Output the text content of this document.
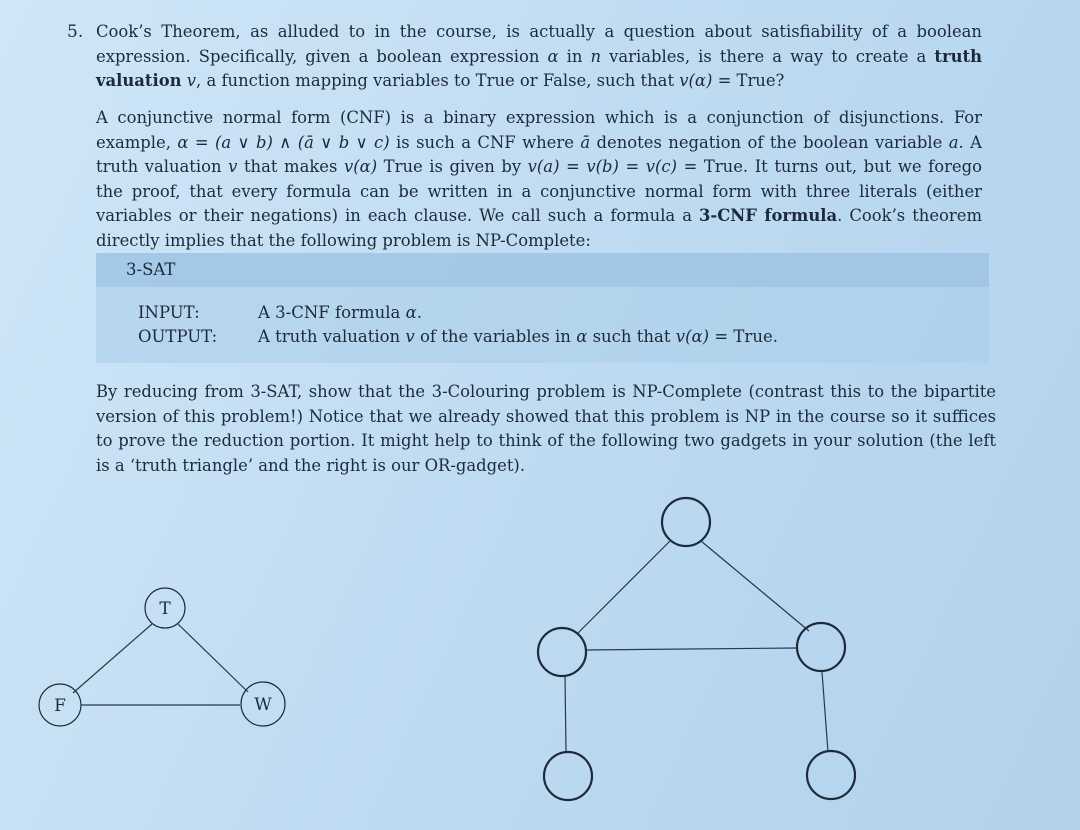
5. Cook’s Theorem, as alluded to in the course, is actually a question about satisfiability of a boolean expression. Specifically, given a boolean expression α in n variables, is there a way to create a truth valuation v, a function mapping variables to True or False, such that v(α) = True?
A conjunctive normal form (CNF) is a binary expression which is a conjunction of disjunctions. For example, α = (a ∨ b) ∧ (ā ∨ b ∨ c) is such a CNF where ā denotes negation of the boolean variable a. A truth valuation v that makes v(α) True is given by v(a) = v(b) = v(c) = True. It turns out, but we forego the proof, that every formula can be written in a conjunctive normal form with three literals (either variables or their negations) in each clause. We call such a formula a 3-CNF formula. Cook’s theorem directly implies that the following problem is NP-Complete:
3-SAT
INPUT:	A 3-CNF formula α.
OUTPUT: A truth valuation v of the variables in α such that v(α) = True.
By reducing from 3-SAT, show that the 3-Colouring problem is NP-Complete (contrast this to the bipartite version of this problem!) Notice that we already showed that this problem is NP in the course so it suffices to prove the reduction portion. It might help to think of the following two gadgets in your solution (the left is a ‘truth triangle’ and the right is our OR-gadget).
T
F	W
